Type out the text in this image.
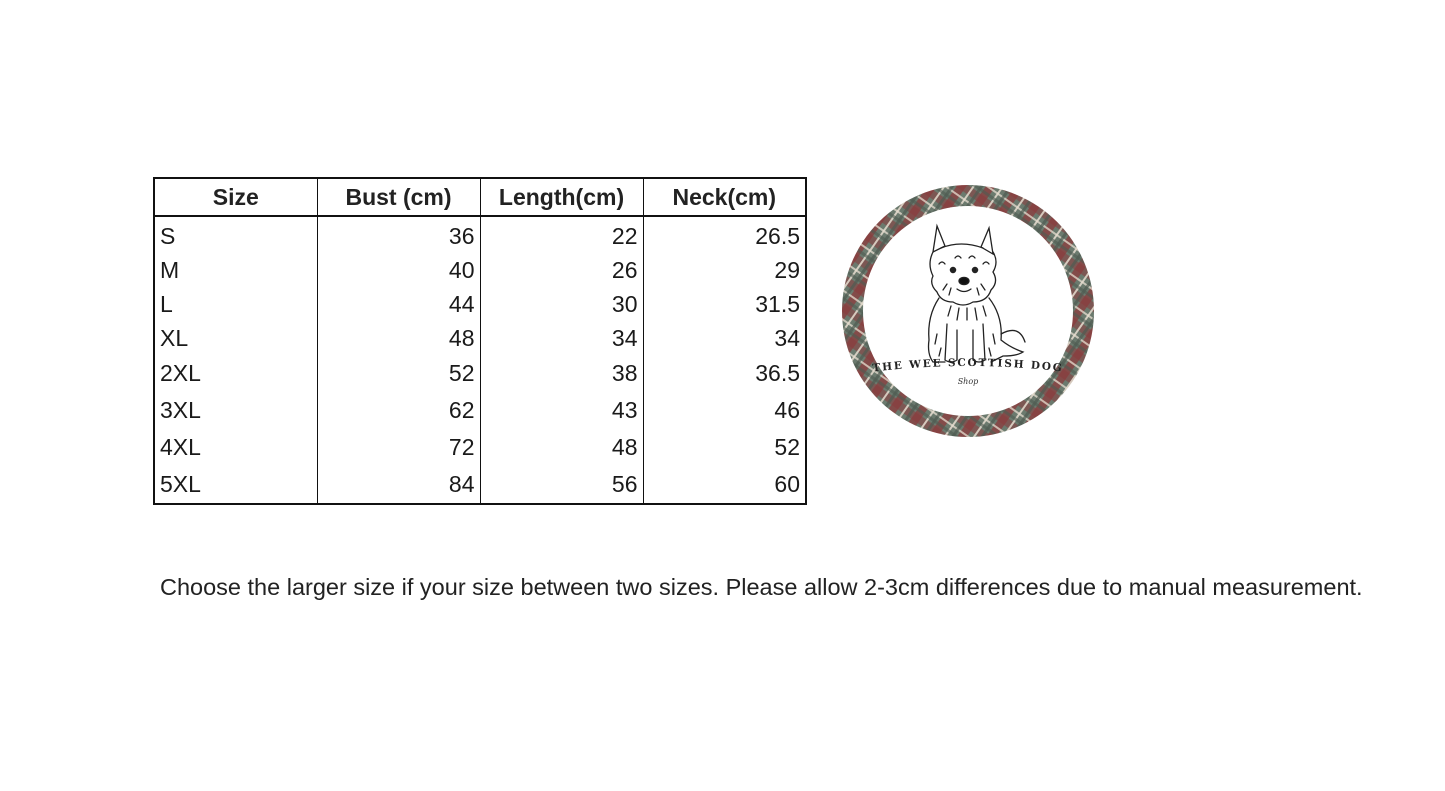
Size	Bust (cm)	Length(cm)	Neck(cm)
S	36	22	26.5
M	40	26	29
L	44	30	31.5
XL	48	34	34
2XL	52	38	36.5
3XL	62	43	46
4XL	72	48	52
5XL	84	56	60
THE WEE SCOTTISH DOG
Shop
Choose the larger size if your size between two sizes. Please allow 2-3cm differences due to manual measurement.
